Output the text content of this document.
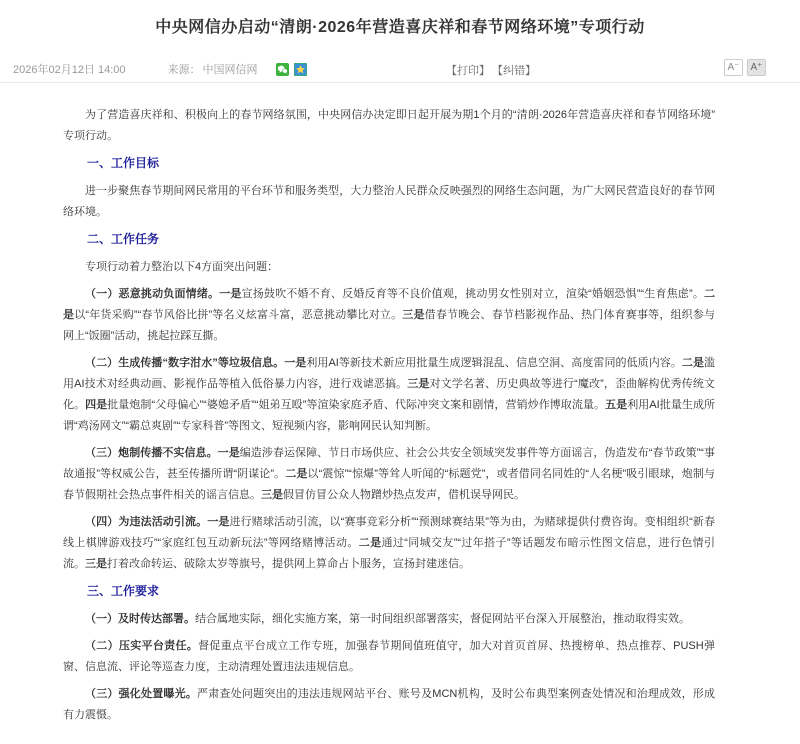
中央网信办启动“清朗·2026年营造喜庆祥和春节网络环境”专项行动
2026年02月12日 14:00	来源： 中国网信网	【打印】 【纠错】	A⁻	A⁺

为了营造喜庆祥和、积极向上的春节网络氛围，中央网信办决定即日起开展为期1个月的“清朗·2026年营造喜庆祥和春节网络环境”专项行动。

一、工作目标

进一步聚焦春节期间网民常用的平台环节和服务类型，大力整治人民群众反映强烈的网络生态问题，为广大网民营造良好的春节网络环境。

二、工作任务

专项行动着力整治以下4方面突出问题：

（一）恶意挑动负面情绪。一是宣扬鼓吹不婚不育、反婚反育等不良价值观，挑动男女性别对立，渲染“婚姻恐惧”“生育焦虑”。二是以“年货采购”“春节风俗比拼”等名义炫富斗富，恶意挑动攀比对立。三是借春节晚会、春节档影视作品、热门体育赛事等，组织参与网上“饭圈”活动，挑起拉踩互撕。

（二）生成传播“数字泔水”等垃圾信息。一是利用AI等新技术新应用批量生成逻辑混乱、信息空洞、高度雷同的低质内容。二是滥用AI技术对经典动画、影视作品等植入低俗暴力内容，进行戏谑恶搞。三是对文学名著、历史典故等进行“魔改”，歪曲解构优秀传统文化。四是批量炮制“父母偏心”“婆媳矛盾”“姐弟互殴”等渲染家庭矛盾、代际冲突文案和剧情，营销炒作博取流量。五是利用AI批量生成所谓“鸡汤网文”“霸总爽剧”“专家科普”等图文、短视频内容，影响网民认知判断。

（三）炮制传播不实信息。一是编造涉春运保障、节日市场供应、社会公共安全领域突发事件等方面谣言，伪造发布“春节政策”“事故通报”等权威公告，甚至传播所谓“阴谋论”。二是以“震惊”“惊爆”等耸人听闻的“标题党”，或者借同名同姓的“人名梗”吸引眼球，炮制与春节假期社会热点事件相关的谣言信息。三是假冒仿冒公众人物蹭炒热点发声，借机误导网民。

（四）为违法活动引流。一是进行赌球活动引流，以“赛事竞彩分析”“预测球赛结果”等为由，为赌球提供付费咨询。变相组织“新春线上棋牌游戏技巧”“家庭红包互动新玩法”等网络赌博活动。二是通过“同城交友”“过年搭子”等话题发布暗示性图文信息，进行色情引流。三是打着改命转运、破除太岁等旗号，提供网上算命占卜服务，宣扬封建迷信。

三、工作要求

（一）及时传达部署。结合属地实际，细化实施方案，第一时间组织部署落实，督促网站平台深入开展整治，推动取得实效。

（二）压实平台责任。督促重点平台成立工作专班，加强春节期间值班值守，加大对首页首屏、热搜榜单、热点推荐、PUSH弹窗、信息流、评论等巡查力度，主动清理处置违法违规信息。

（三）强化处置曝光。严肃查处问题突出的违法违规网站平台、账号及MCN机构，及时公布典型案例查处情况和治理成效，形成有力震慑。
